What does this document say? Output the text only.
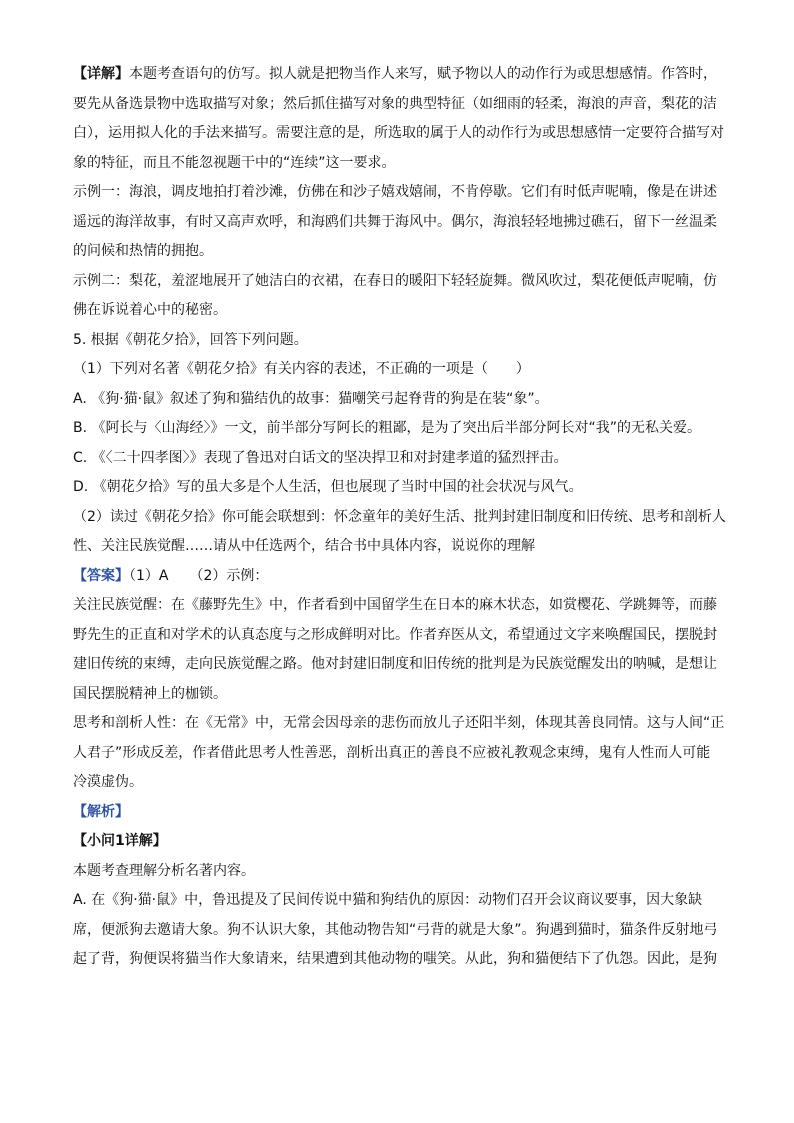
【详解】本题考查语句的仿写。拟人就是把物当作人来写，赋予物以人的动作行为或思想感情。作答时，
要先从备选景物中选取描写对象；然后抓住描写对象的典型特征（如细雨的轻柔，海浪的声音，梨花的洁
白），运用拟人化的手法来描写。需要注意的是，所选取的属于人的动作行为或思想感情一定要符合描写对
象的特征，而且不能忽视题干中的“连续”这一要求。
示例一：海浪，调皮地拍打着沙滩，仿佛在和沙子嬉戏嬉闹，不肯停歇。它们有时低声呢喃，像是在讲述
遥远的海洋故事，有时又高声欢呼，和海鸥们共舞于海风中。偶尔，海浪轻轻地拂过礁石，留下一丝温柔
的问候和热情的拥抱。
示例二：梨花，羞涩地展开了她洁白的衣裙，在春日的暖阳下轻轻旋舞。微风吹过，梨花便低声呢喃，仿
佛在诉说着心中的秘密。
5. 根据《朝花夕拾》，回答下列问题。
（1）下列对名著《朝花夕拾》有关内容的表述，不正确的一项是（　　）
A. 《狗·猫·鼠》叙述了狗和猫结仇的故事：猫嘲笑弓起脊背的狗是在装“象”。
B. 《阿长与〈山海经〉》一文，前半部分写阿长的粗鄙，是为了突出后半部分阿长对“我”的无私关爱。
C. 《〈二十四孝图〉》表现了鲁迅对白话文的坚决捍卫和对封建孝道的猛烈抨击。
D. 《朝花夕拾》写的虽大多是个人生活，但也展现了当时中国的社会状况与风气。
（2）读过《朝花夕拾》你可能会联想到：怀念童年的美好生活、批判封建旧制度和旧传统、思考和剖析人
性、关注民族觉醒……请从中任选两个，结合书中具体内容，说说你的理解
【答案】（1）A　　（2）示例：
关注民族觉醒：在《藤野先生》中，作者看到中国留学生在日本的麻木状态，如赏樱花、学跳舞等，而藤
野先生的正直和对学术的认真态度与之形成鲜明对比。作者弃医从文，希望通过文字来唤醒国民，摆脱封
建旧传统的束缚，走向民族觉醒之路。他对封建旧制度和旧传统的批判是为民族觉醒发出的呐喊，是想让
国民摆脱精神上的枷锁。
思考和剖析人性：在《无常》中，无常会因母亲的悲伤而放儿子还阳半刻，体现其善良同情。这与人间“正
人君子”形成反差，作者借此思考人性善恶，剖析出真正的善良不应被礼教观念束缚，鬼有人性而人可能
冷漠虚伪。
【解析】
【小问1详解】
本题考查理解分析名著内容。
A. 在《狗·猫·鼠》中，鲁迅提及了民间传说中猫和狗结仇的原因：动物们召开会议商议要事，因大象缺
席，便派狗去邀请大象。狗不认识大象，其他动物告知“弓背的就是大象”。狗遇到猫时，猫条件反射地弓
起了背，狗便误将猫当作大象请来，结果遭到其他动物的嗤笑。从此，狗和猫便结下了仇怨。因此，是狗
